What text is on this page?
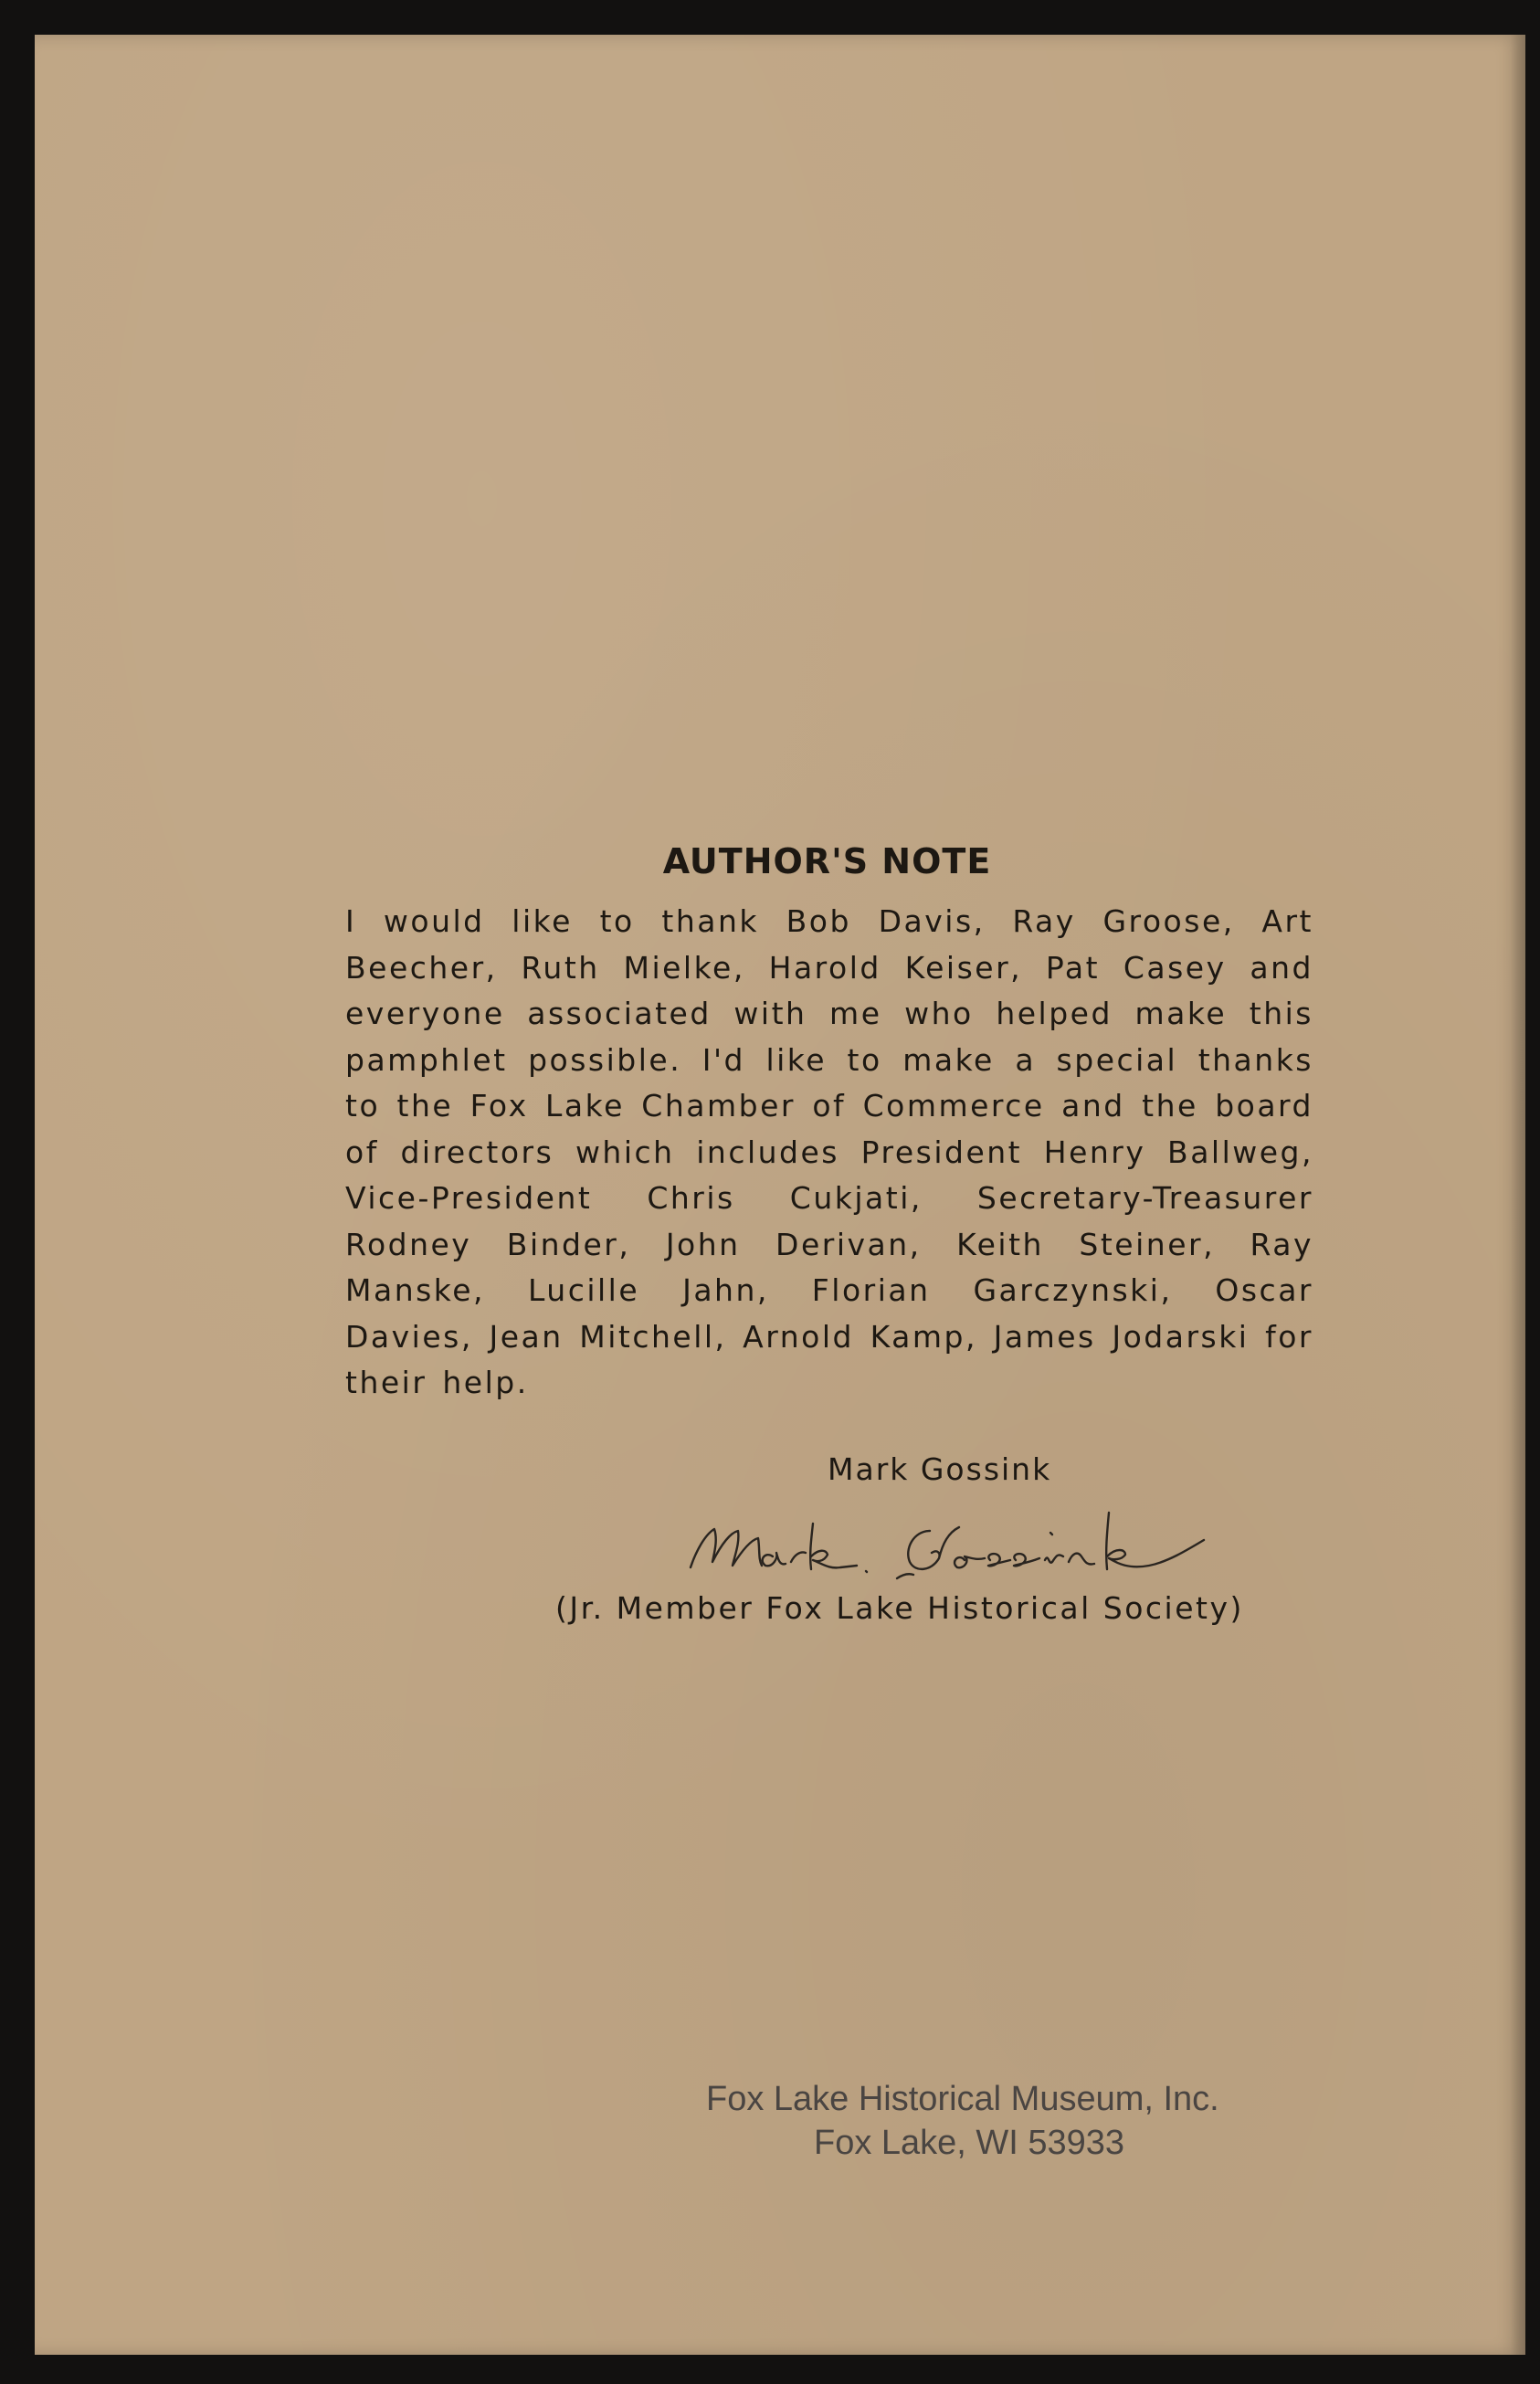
AUTHOR'S NOTE
I would like to thank Bob Davis, Ray Groose, Art Beecher, Ruth Mielke, Harold Keiser, Pat Casey and everyone associated with me who helped make this pamphlet possible. I'd like to make a special thanks to the Fox Lake Chamber of Commerce and the board of directors which includes President Henry Ballweg, Vice-President Chris Cukjati, Secretary-Treasurer Rodney Binder, John Derivan, Keith Steiner, Ray Manske, Lucille Jahn, Florian Garczynski, Oscar Davies, Jean Mitchell, Arnold Kamp, James Jodarski for their help.
Mark Gossink
(Jr. Member Fox Lake Historical Society)
Fox Lake Historical Museum, Inc.
Fox Lake, WI 53933
